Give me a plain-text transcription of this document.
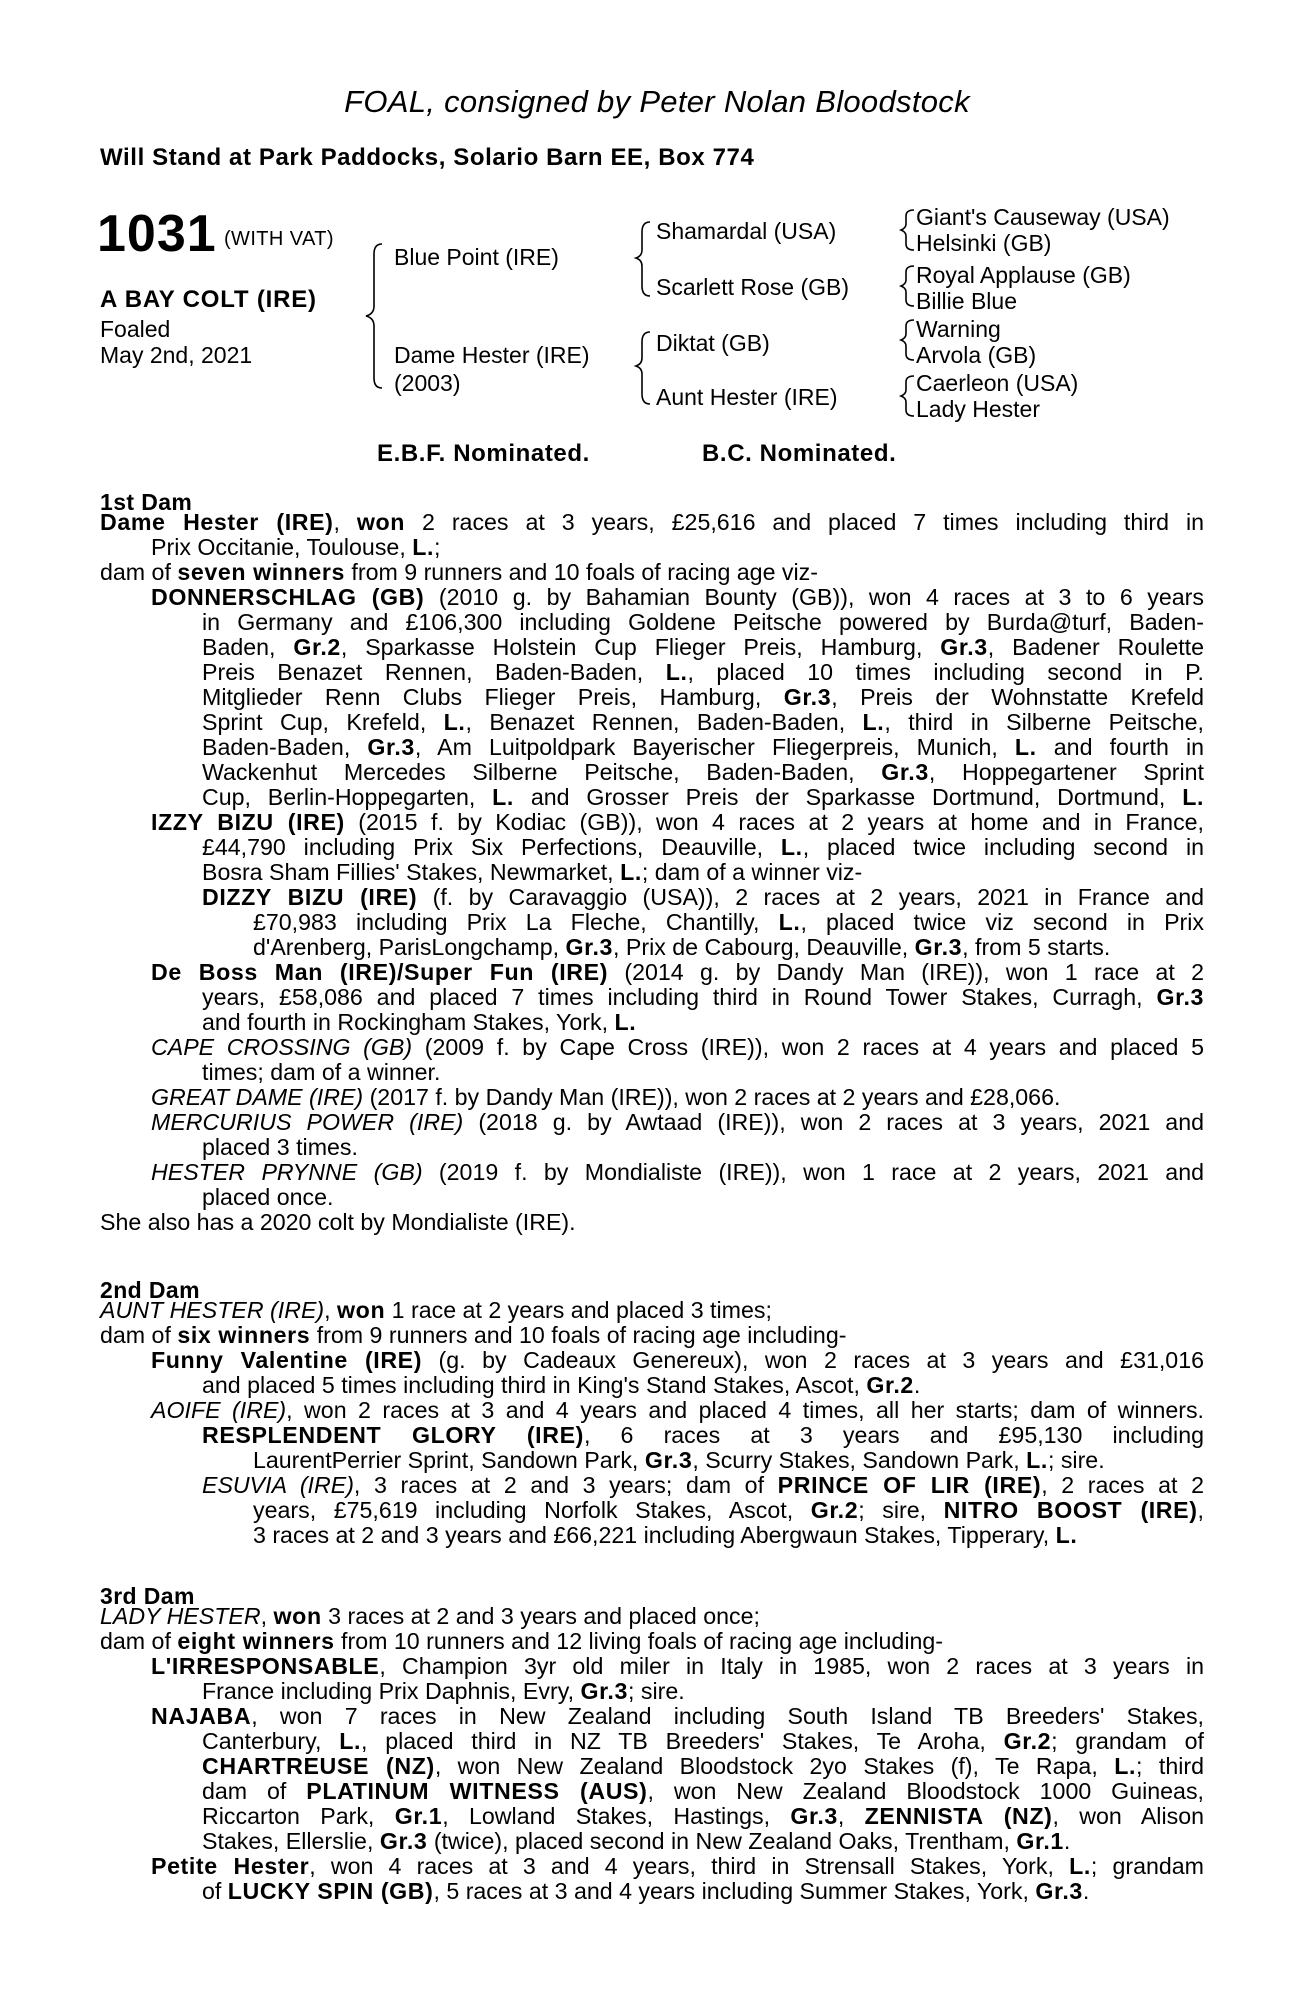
FOAL, consigned by Peter Nolan Bloodstock
Will Stand at Park Paddocks, Solario Barn EE, Box 774
1031 (WITH VAT)
A BAY COLT (IRE)
Foaled
May 2nd, 2021
Blue Point (IRE)
Dame Hester (IRE)
(2003)
Shamardal (USA)
Scarlett Rose (GB)
Diktat (GB)
Aunt Hester (IRE)
Giant's Causeway (USA)
Helsinki (GB)
Royal Applause (GB)
Billie Blue
Warning
Arvola (GB)
Caerleon (USA)
Lady Hester
E.B.F. Nominated.	B.C. Nominated.
1st Dam
Dame Hester (IRE), won 2 races at 3 years, £25,616 and placed 7 times including third in
Prix Occitanie, Toulouse, L.;
dam of seven winners from 9 runners and 10 foals of racing age viz-
DONNERSCHLAG (GB) (2010 g. by Bahamian Bounty (GB)), won 4 races at 3 to 6 years
in Germany and £106,300 including Goldene Peitsche powered by Burda@turf, Baden-
Baden, Gr.2, Sparkasse Holstein Cup Flieger Preis, Hamburg, Gr.3, Badener Roulette
Preis Benazet Rennen, Baden-Baden, L., placed 10 times including second in P.
Mitglieder Renn Clubs Flieger Preis, Hamburg, Gr.3, Preis der Wohnstatte Krefeld
Sprint Cup, Krefeld, L., Benazet Rennen, Baden-Baden, L., third in Silberne Peitsche,
Baden-Baden, Gr.3, Am Luitpoldpark Bayerischer Fliegerpreis, Munich, L. and fourth in
Wackenhut Mercedes Silberne Peitsche, Baden-Baden, Gr.3, Hoppegartener Sprint
Cup, Berlin-Hoppegarten, L. and Grosser Preis der Sparkasse Dortmund, Dortmund, L.
IZZY BIZU (IRE) (2015 f. by Kodiac (GB)), won 4 races at 2 years at home and in France,
£44,790 including Prix Six Perfections, Deauville, L., placed twice including second in
Bosra Sham Fillies' Stakes, Newmarket, L.; dam of a winner viz-
DIZZY BIZU (IRE) (f. by Caravaggio (USA)), 2 races at 2 years, 2021 in France and
£70,983 including Prix La Fleche, Chantilly, L., placed twice viz second in Prix
d'Arenberg, ParisLongchamp, Gr.3, Prix de Cabourg, Deauville, Gr.3, from 5 starts.
De Boss Man (IRE)/Super Fun (IRE) (2014 g. by Dandy Man (IRE)), won 1 race at 2
years, £58,086 and placed 7 times including third in Round Tower Stakes, Curragh, Gr.3
and fourth in Rockingham Stakes, York, L.
CAPE CROSSING (GB) (2009 f. by Cape Cross (IRE)), won 2 races at 4 years and placed 5
times; dam of a winner.
GREAT DAME (IRE) (2017 f. by Dandy Man (IRE)), won 2 races at 2 years and £28,066.
MERCURIUS POWER (IRE) (2018 g. by Awtaad (IRE)), won 2 races at 3 years, 2021 and
placed 3 times.
HESTER PRYNNE (GB) (2019 f. by Mondialiste (IRE)), won 1 race at 2 years, 2021 and
placed once.
She also has a 2020 colt by Mondialiste (IRE).
2nd Dam
AUNT HESTER (IRE), won 1 race at 2 years and placed 3 times;
dam of six winners from 9 runners and 10 foals of racing age including-
Funny Valentine (IRE) (g. by Cadeaux Genereux), won 2 races at 3 years and £31,016
and placed 5 times including third in King's Stand Stakes, Ascot, Gr.2.
AOIFE (IRE), won 2 races at 3 and 4 years and placed 4 times, all her starts; dam of winners.
RESPLENDENT GLORY (IRE), 6 races at 3 years and £95,130 including
LaurentPerrier Sprint, Sandown Park, Gr.3, Scurry Stakes, Sandown Park, L.; sire.
ESUVIA (IRE), 3 races at 2 and 3 years; dam of PRINCE OF LIR (IRE), 2 races at 2
years, £75,619 including Norfolk Stakes, Ascot, Gr.2; sire, NITRO BOOST (IRE),
3 races at 2 and 3 years and £66,221 including Abergwaun Stakes, Tipperary, L.
3rd Dam
LADY HESTER, won 3 races at 2 and 3 years and placed once;
dam of eight winners from 10 runners and 12 living foals of racing age including-
L'IRRESPONSABLE, Champion 3yr old miler in Italy in 1985, won 2 races at 3 years in
France including Prix Daphnis, Evry, Gr.3; sire.
NAJABA, won 7 races in New Zealand including South Island TB Breeders' Stakes,
Canterbury, L., placed third in NZ TB Breeders' Stakes, Te Aroha, Gr.2; grandam of
CHARTREUSE (NZ), won New Zealand Bloodstock 2yo Stakes (f), Te Rapa, L.; third
dam of PLATINUM WITNESS (AUS), won New Zealand Bloodstock 1000 Guineas,
Riccarton Park, Gr.1, Lowland Stakes, Hastings, Gr.3, ZENNISTA (NZ), won Alison
Stakes, Ellerslie, Gr.3 (twice), placed second in New Zealand Oaks, Trentham, Gr.1.
Petite Hester, won 4 races at 3 and 4 years, third in Strensall Stakes, York, L.; grandam
of LUCKY SPIN (GB), 5 races at 3 and 4 years including Summer Stakes, York, Gr.3.
